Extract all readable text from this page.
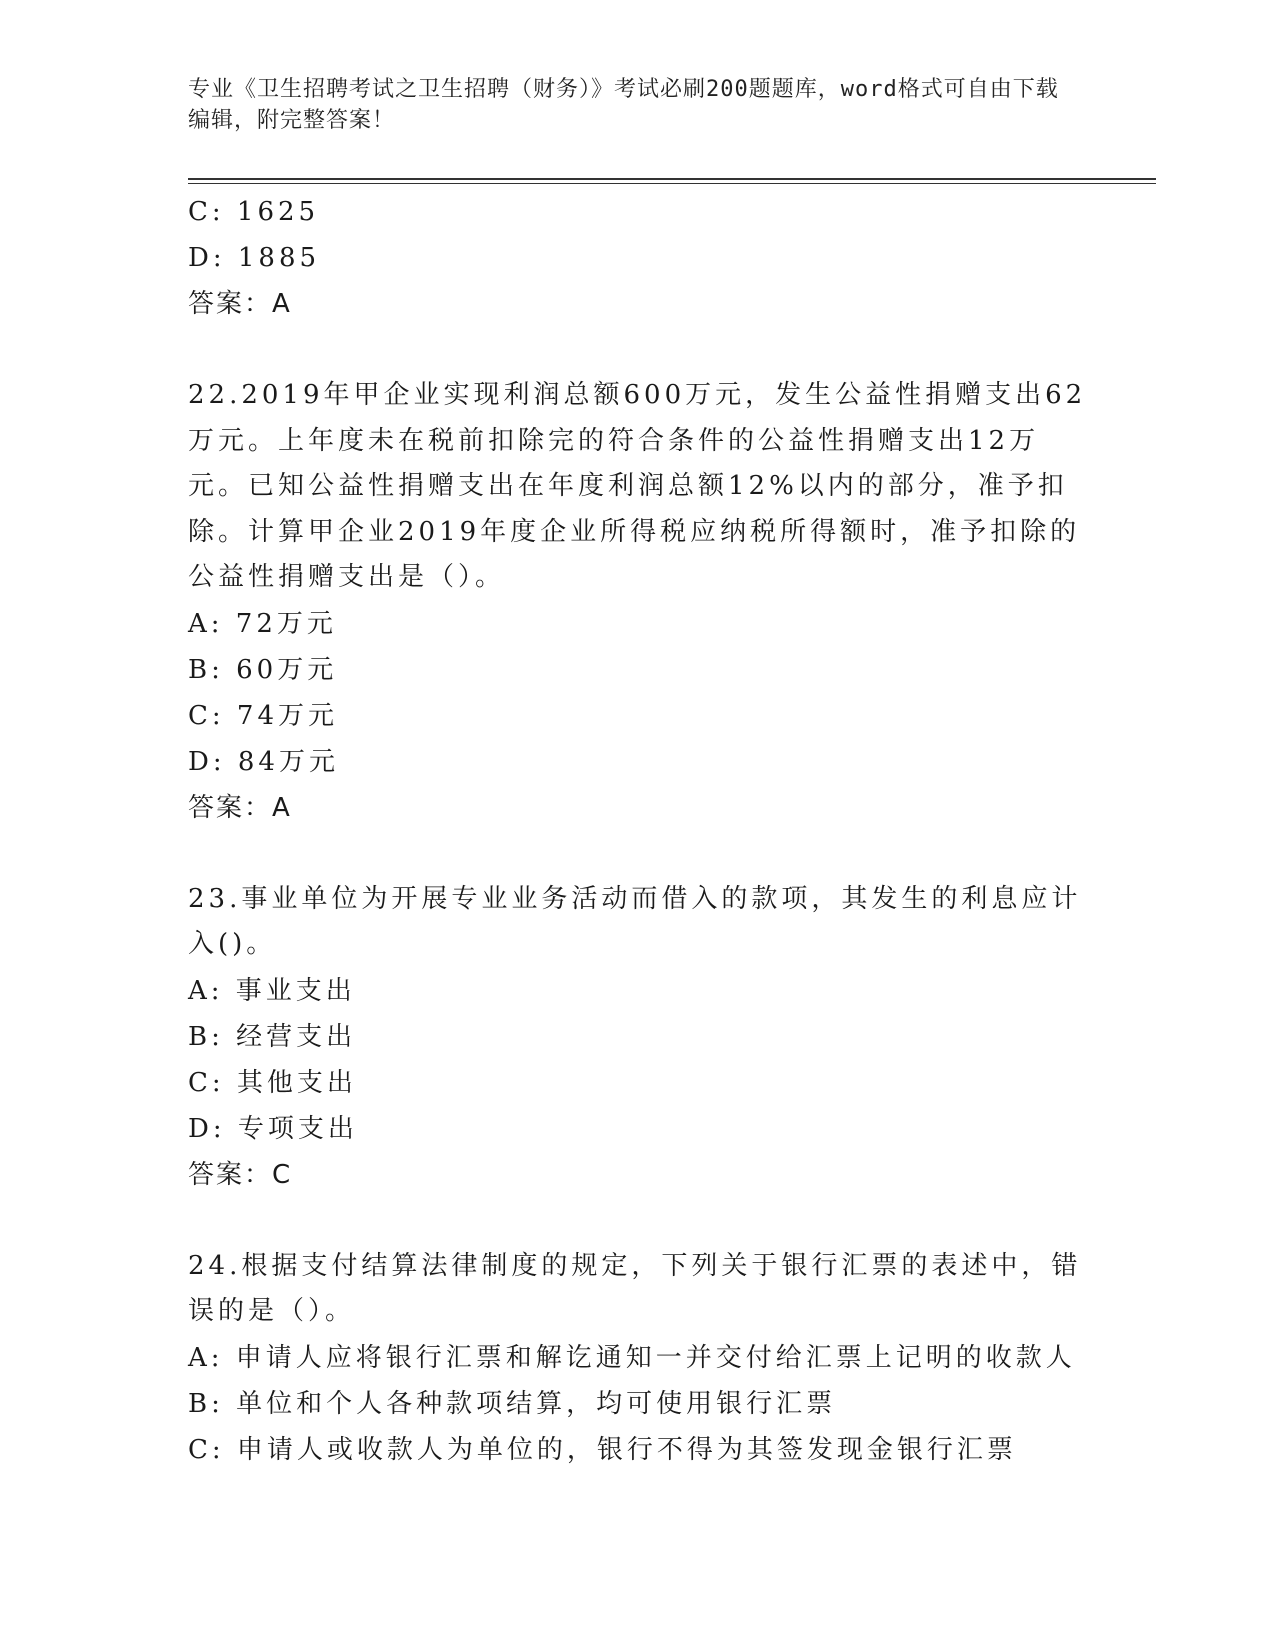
专业《卫生招聘考试之卫生招聘（财务）》考试必刷200题题库，word格式可自由下载编辑，附完整答案！
C: 1625
D: 1885
答案：A
22.2019年甲企业实现利润总额600万元，发生公益性捐赠支出62万元。上年度未在税前扣除完的符合条件的公益性捐赠支出12万元。已知公益性捐赠支出在年度利润总额12%以内的部分，准予扣除。计算甲企业2019年度企业所得税应纳税所得额时，准予扣除的公益性捐赠支出是（）。
A: 72万元
B: 60万元
C: 74万元
D: 84万元
答案：A
23.事业单位为开展专业业务活动而借入的款项，其发生的利息应计入()。
A: 事业支出
B: 经营支出
C: 其他支出
D: 专项支出
答案：C
24.根据支付结算法律制度的规定，下列关于银行汇票的表述中，错误的是（）。
A: 申请人应将银行汇票和解讫通知一并交付给汇票上记明的收款人
B: 单位和个人各种款项结算，均可使用银行汇票
C: 申请人或收款人为单位的，银行不得为其签发现金银行汇票
